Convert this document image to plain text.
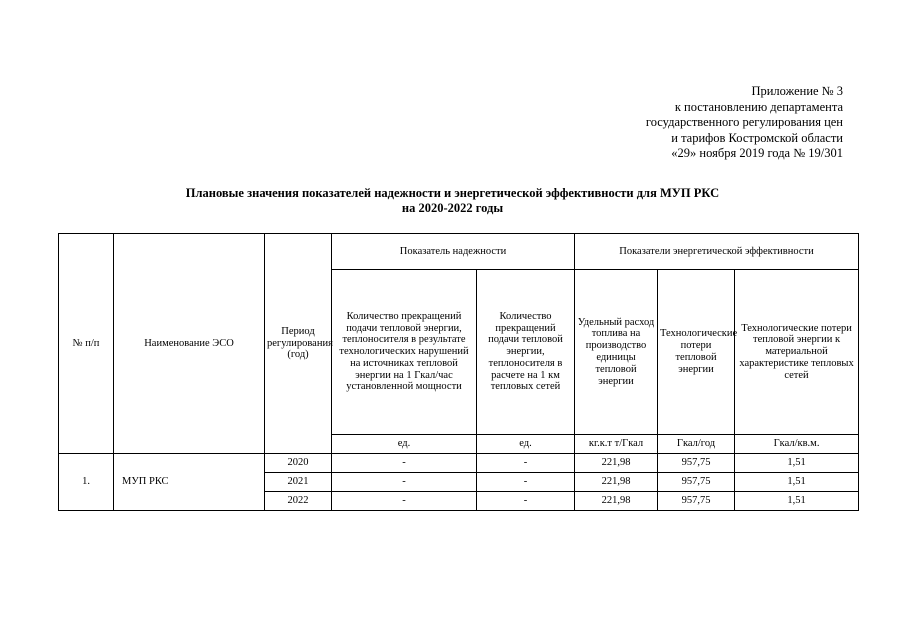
Приложение № 3
к постановлению департамента
государственного регулирования цен
и тарифов Костромской области
«29» ноября 2019 года № 19/301
Плановые значения показателей надежности и энергетической эффективности для МУП РКС
на 2020-2022 годы
№ п/п	Наименование ЭСО	Период регулирования (год)	Показатель надежности		Показатели энергетической эффективности		
			Количество прекращений подачи тепловой энергии, теплоносителя в результате технологических нарушений на источниках тепловой энергии на 1 Гкал/час установленной мощности	Количество прекращений подачи тепловой энергии, теплоносителя в расчете на 1 км тепловых сетей	Удельный расход топлива на производство единицы тепловой энергии	Технологические потери тепловой энергии	Технологические потери тепловой энергии к материальной характеристике тепловых сетей
			ед.	ед.	кг.к.т т/Гкал	Гкал/год	Гкал/кв.м.
1.	МУП РКС	2020	-	-	221,98	957,75	1,51
		2021	-	-	221,98	957,75	1,51
		2022	-	-	221,98	957,75	1,51
